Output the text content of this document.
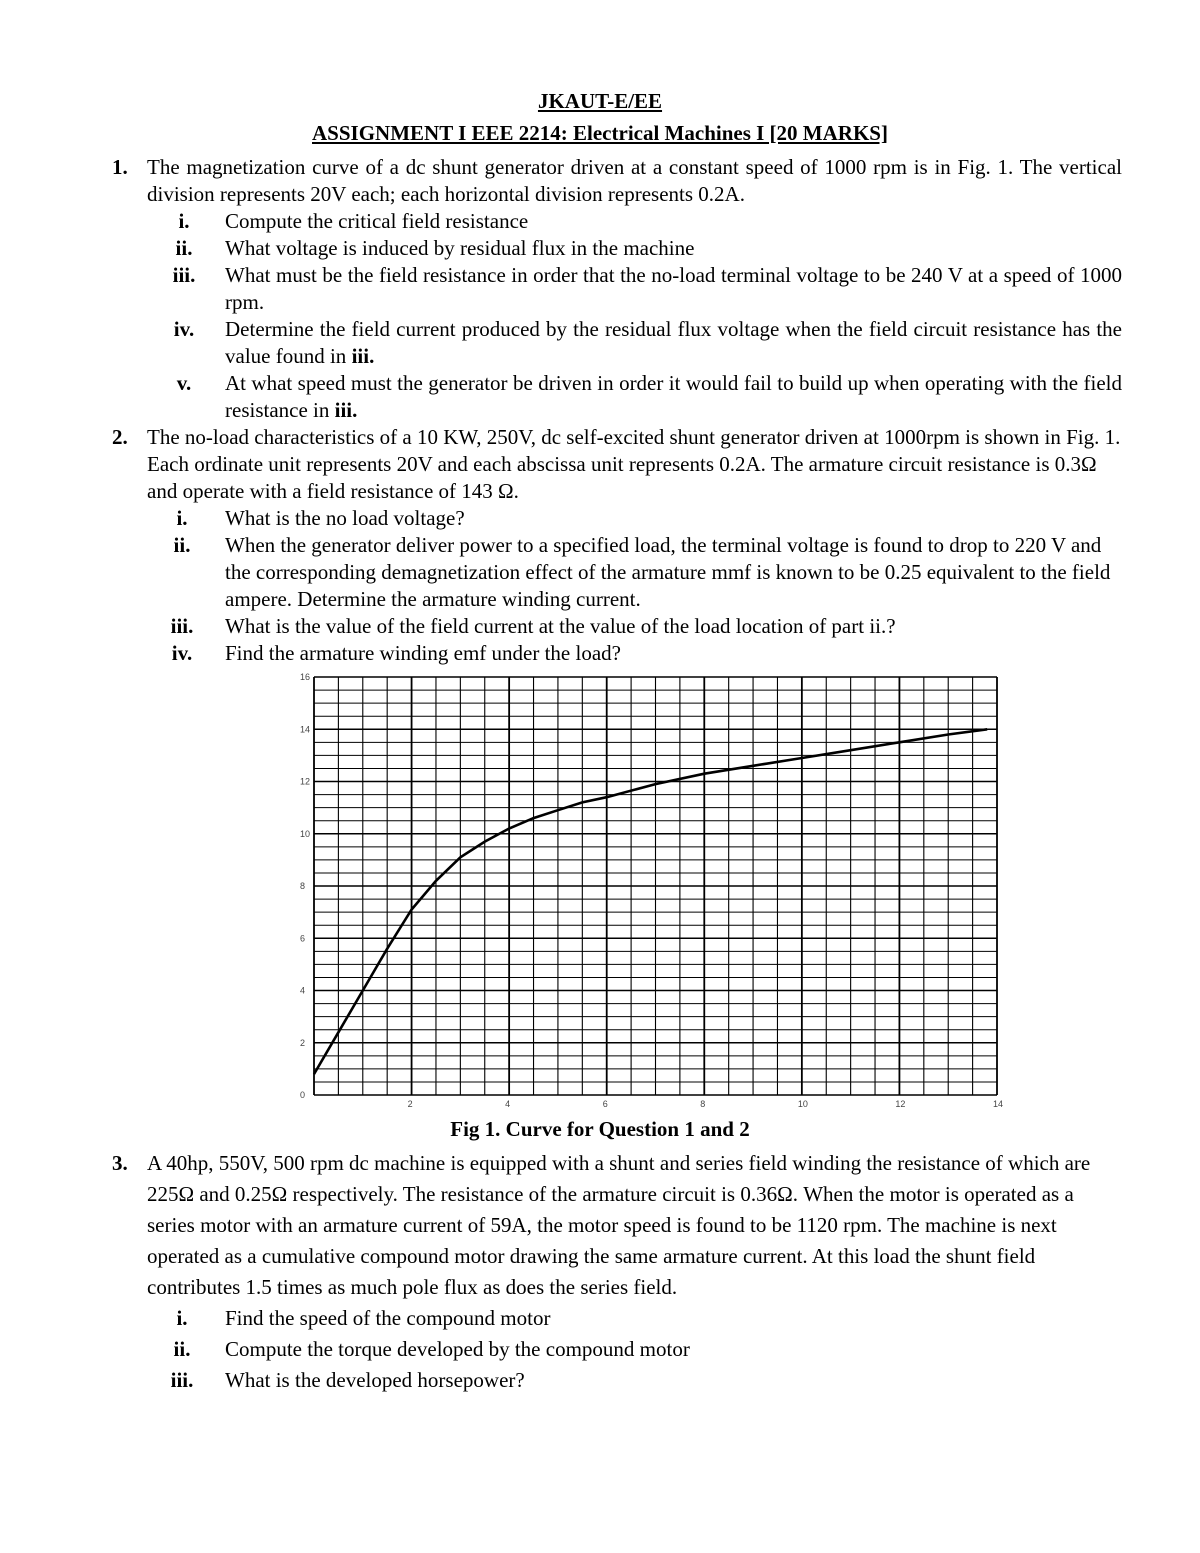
JKAUT-E/EE
ASSIGNMENT I EEE 2214: Electrical Machines I [20 MARKS]
1. The magnetization curve of a dc shunt generator driven at a constant speed of 1000 rpm is in Fig. 1. The vertical division represents 20V each; each horizontal division represents 0.2A.
i.	Compute the critical field resistance
ii.	What voltage is induced by residual flux in the machine
iii.	What must be the field resistance in order that the no-load terminal voltage to be 240 V at a speed of 1000 rpm.
iv.	Determine the field current produced by the residual flux voltage when the field circuit resistance has the value found in iii.
v.	At what speed must the generator be driven in order it would fail to build up when operating with the field resistance in iii.
2. The no-load characteristics of a 10 KW, 250V, dc self-excited shunt generator driven at 1000rpm is shown in Fig. 1. Each ordinate unit represents 20V and each abscissa unit represents 0.2A. The armature circuit resistance is 0.3Ω and operate with a field resistance of 143 Ω.
i.	What is the no load voltage?
ii.	When the generator deliver power to a specified load, the terminal voltage is found to drop to 220 V and the corresponding demagnetization effect of the armature mmf is known to be 0.25 equivalent to the field ampere. Determine the armature winding current.
iii.	What is the value of the field current at the value of the load location of part ii.?
iv.	Find the armature winding emf under the load?
0
2
4
6
8
10
12
14
16
2	4	6	8	10	12	14
Fig 1. Curve for Question 1 and 2
3. A 40hp, 550V, 500 rpm dc machine is equipped with a shunt and series field winding the resistance of which are 225Ω and 0.25Ω respectively. The resistance of the armature circuit is 0.36Ω. When the motor is operated as a series motor with an armature current of 59A, the motor speed is found to be 1120 rpm. The machine is next operated as a cumulative compound motor drawing the same armature current. At this load the shunt field contributes 1.5 times as much pole flux as does the series field.
i.	Find the speed of the compound motor
ii.	Compute the torque developed by the compound motor
iii.	What is the developed horsepower?
